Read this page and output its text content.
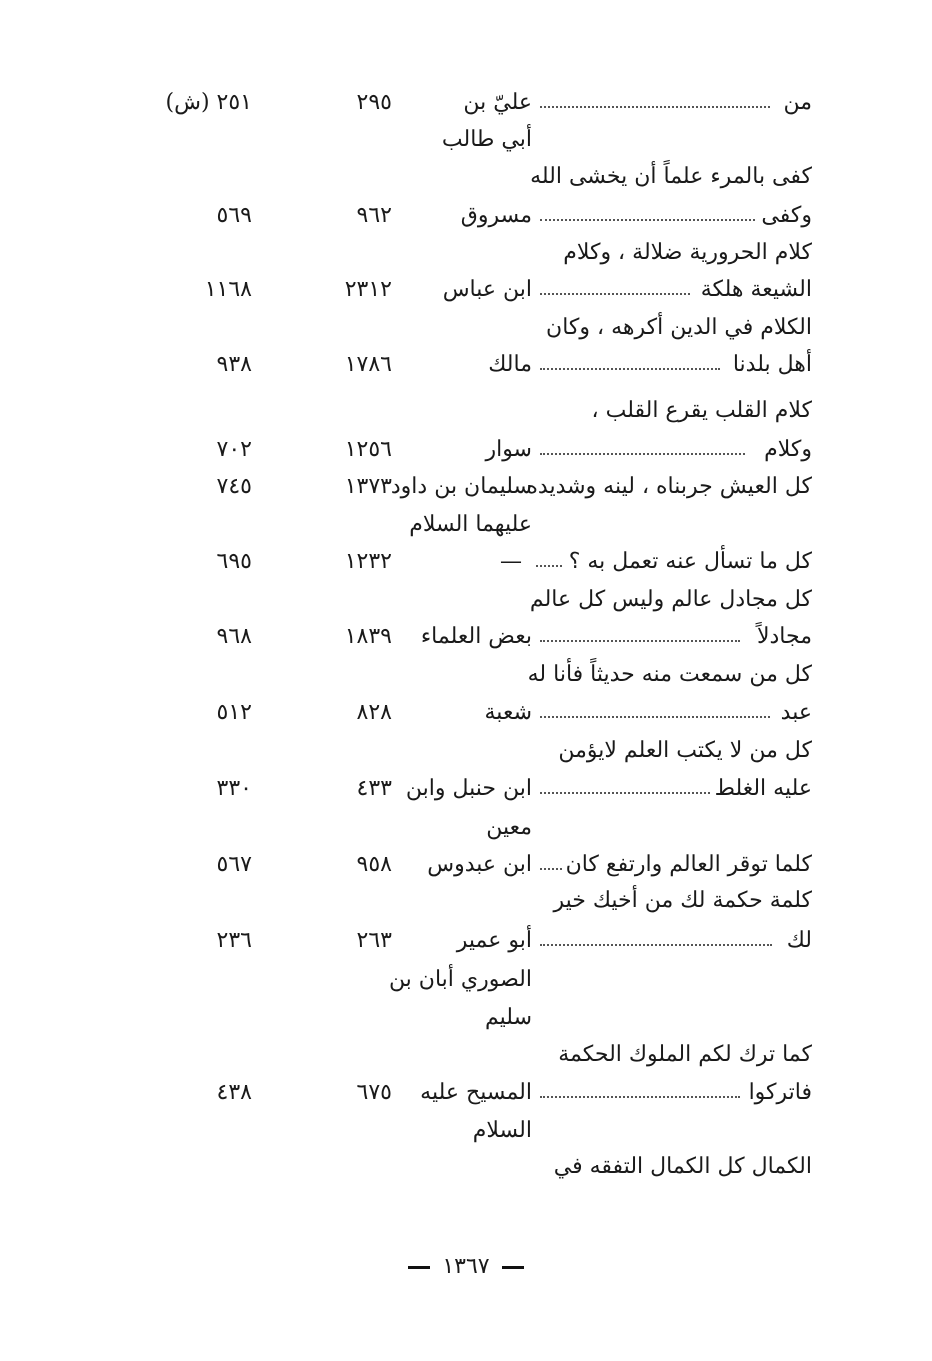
من
عليّ بن
٢٩٥
٢٥١ (ش)
أبي طالب
كفى بالمرء علماً أن يخشى الله
وكفى
مسروق
٩٦٢
٥٦٩
كلام الحرورية ضلالة ، وكلام
الشيعة هلكة
ابن عباس
٢٣١٢
١١٦٨
الكلام في الدين أكرهه ، وكان
أهل بلدنا
مالك
١٧٨٦
٩٣٨
كلام القلب يقرع القلب ،
وكلام
سوار
١٢٥٦
٧٠٢
كل العيش جربناه ، لينه وشديده
سليمان بن داود
١٣٧٣
٧٤٥
عليهما السلام
كل ما تسأل عنه تعمل به ؟
—
١٢٣٢
٦٩٥
كل مجادل عالم وليس كل عالم
مجادلاً
بعض العلماء
١٨٣٩
٩٦٨
كل من سمعت منه حديثاً فأنا له
عبد
شعبة
٨٢٨
٥١٢
كل من لا يكتب العلم لايؤمن
عليه الغلط
ابن حنبل وابن
٤٣٣
٣٣٠
معين
كلما توقر العالم وارتفع كان
ابن عبدوس
٩٥٨
٥٦٧
كلمة حكمة لك من أخيك خير
لك
أبو عمير
٢٦٣
٢٣٦
الصوري أبان بن
سليم
كما ترك لكم الملوك الحكمة
فاتركوا
المسيح عليه
٦٧٥
٤٣٨
السلام
الكمال كل الكمال التفقه في
١٣٦٧
